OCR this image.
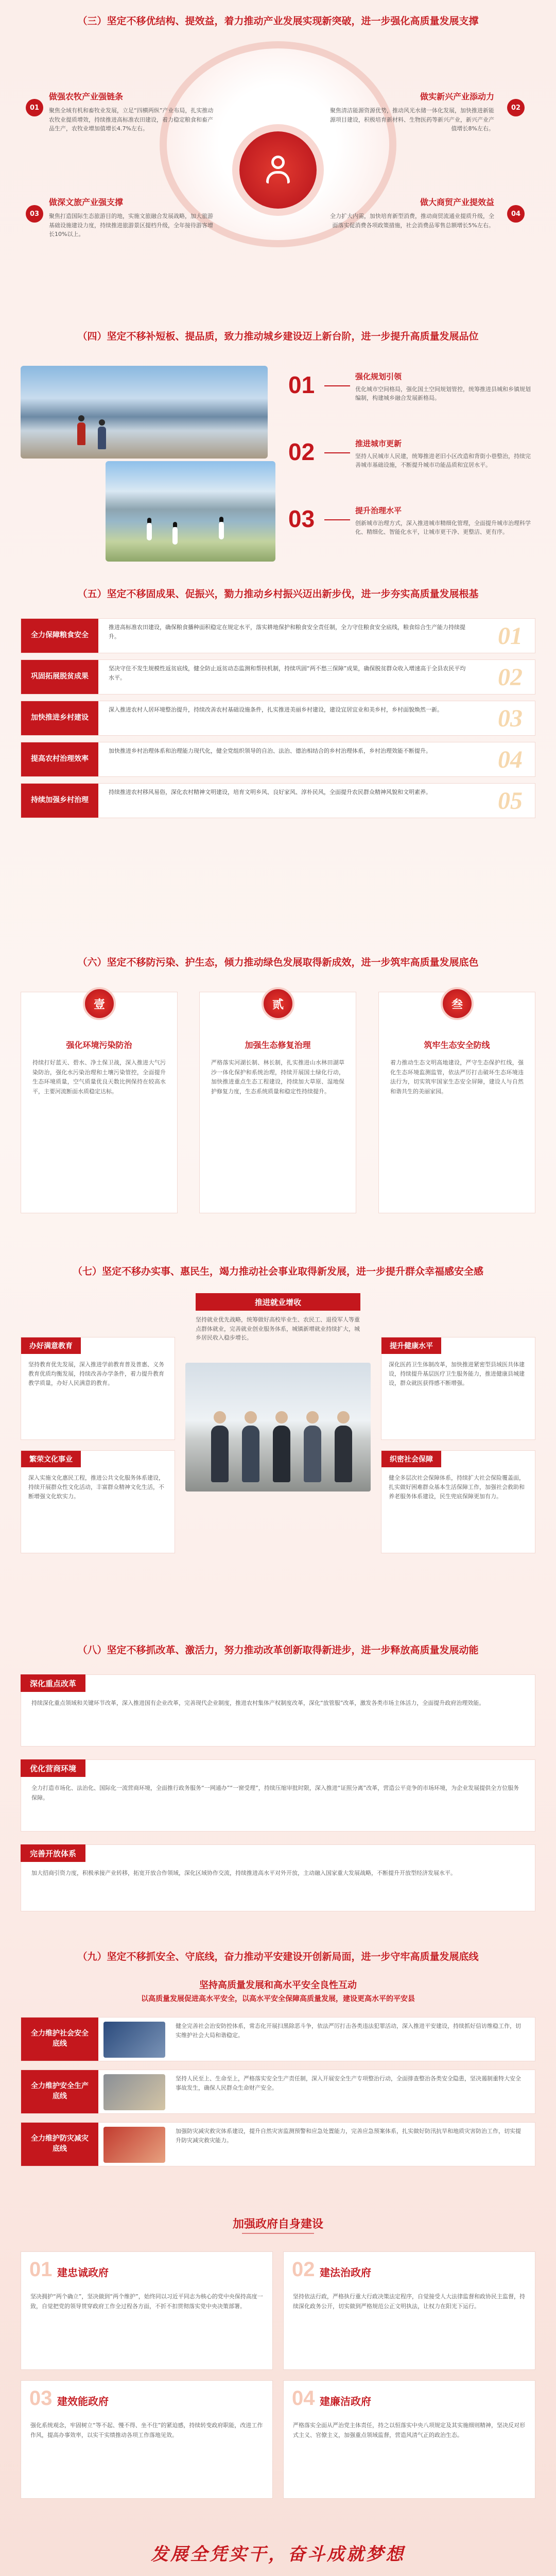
（三）坚定不移优结构、提效益，着力推动产业发展实现新突破，进一步强化高质量发展支撑
01
做强农牧产业强链条

聚焦全域有机和畜牧业发展，立足“四横两纵”产业布局，扎实推动农牧业提质增效，持续推进高标准农田建设，着力稳定粮食和畜产品生产，农牧业增加值增长4.7%左右。

02
做实新兴产业添动力

聚焦清洁能源资源优势，推动风光水储一体化发展，加快推进新能源项目建设，积极培育新材料、生物医药等新兴产业，新兴产业产值增长8%左右。

03
做深文旅产业强支撑

聚焦打造国际生态旅游目的地，实施文旅融合发展战略，加大旅游基础设施建设力度，持续推进旅游景区提档升级，全年接待游客增长10%以上。

04
做大商贸产业提效益

全力扩大内需，加快培育新型消费，推动商贸流通业提质升级，全面落实促消费各项政策措施，社会消费品零售总额增长5%左右。

（四）坚定不移补短板、提品质，致力推动城乡建设迈上新台阶，进一步提升高质量发展品位
01	强化规划引领

优化城市空间格局，强化国土空间规划管控，统筹推进县城和乡镇规划编制，构建城乡融合发展新格局。

02	推进城市更新

坚持人民城市人民建，统筹推进老旧小区改造和背街小巷整治，持续完善城市基础设施，不断提升城市功能品质和宜居水平。

03	提升治理水平

创新城市治理方式，深入推进城市精细化管理，全面提升城市治理科学化、精细化、智能化水平，让城市更干净、更整洁、更有序。

（五）坚定不移固成果、促振兴，勠力推动乡村振兴迈出新步伐，进一步夯实高质量发展根基
全力保障粮食安全
推进高标准农田建设，确保粮食播种面积稳定在规定水平，落实耕地保护和粮食安全责任制，全力守住粮食安全底线，粮食综合生产能力持续提升。	01
巩固拓展脱贫成果
坚决守住不发生规模性返贫底线，健全防止返贫动态监测和帮扶机制，持续巩固“两不愁三保障”成果，确保脱贫群众收入增速高于全县农民平均水平。	02
加快推进乡村建设
深入推进农村人居环境整治提升，持续改善农村基础设施条件，扎实推进美丽乡村建设，建设宜居宜业和美乡村，乡村面貌焕然一新。	03
提高农村治理效率
加快推进乡村治理体系和治理能力现代化，健全党组织领导的自治、法治、德治相结合的乡村治理体系，乡村治理效能不断提升。	04
持续加强乡村治理
持续推进农村移风易俗，深化农村精神文明建设，培育文明乡风、良好家风、淳朴民风，全面提升农民群众精神风貌和文明素养。	05
（六）坚定不移防污染、护生态，倾力推动绿色发展取得新成效，进一步筑牢高质量发展底色
壹
强化环境污染防治

持续打好蓝天、碧水、净土保卫战，深入推进大气污染防治，强化水污染治理和土壤污染管控，全面提升生态环境质量，空气质量优良天数比例保持在较高水平，主要河流断面水质稳定达标。

贰
加强生态修复治理

严格落实河湖长制、林长制，扎实推进山水林田湖草沙一体化保护和系统治理，持续开展国土绿化行动，加快推进重点生态工程建设，持续加大草原、湿地保护修复力度，生态系统质量和稳定性持续提升。

叁
筑牢生态安全防线

着力推动生态文明高地建设，严守生态保护红线，强化生态环境监测监管，依法严厉打击破坏生态环境违法行为，切实筑牢国家生态安全屏障，建设人与自然和谐共生的美丽家园。

（七）坚定不移办实事、惠民生，竭力推动社会事业取得新发展，进一步提升群众幸福感安全感
推进就业增收
坚持就业优先战略，统筹做好高校毕业生、农民工、退役军人等重点群体就业，完善就业创业服务体系，城镇新增就业持续扩大，城乡居民收入稳步增长。
办好满意教育

坚持教育优先发展，深入推进学前教育普及普惠、义务教育优质均衡发展，持续改善办学条件，着力提升教育教学质量，办好人民满意的教育。

繁荣文化事业

深入实施文化惠民工程，推进公共文化服务体系建设，持续开展群众性文化活动，丰富群众精神文化生活，不断增强文化软实力。

提升健康水平

深化医药卫生体制改革，加快推进紧密型县域医共体建设，持续提升基层医疗卫生服务能力，推进健康县城建设，群众就医获得感不断增强。

织密社会保障

健全多层次社会保障体系，持续扩大社会保险覆盖面，扎实做好困难群众基本生活保障工作，加强社会救助和养老服务体系建设，民生兜底保障更加有力。

（八）坚定不移抓改革、激活力，努力推动改革创新取得新进步，进一步释放高质量发展动能
深化重点改革

持续深化重点领域和关键环节改革，深入推进国有企业改革，完善现代企业制度，推进农村集体产权制度改革，深化“放管服”改革，激发各类市场主体活力，全面提升政府治理效能。

优化营商环境

全力打造市场化、法治化、国际化一流营商环境，全面推行政务服务“一网通办”“一窗受理”，持续压缩审批时限，深入推进“证照分离”改革，营造公平竞争的市场环境，为企业发展提供全方位服务保障。

完善开放体系

加大招商引资力度，积极承接产业转移，拓宽开放合作领域，深化区域协作交流，持续推进高水平对外开放，主动融入国家重大发展战略，不断提升开放型经济发展水平。

（九）坚定不移抓安全、守底线，奋力推动平安建设开创新局面，进一步守牢高质量发展底线
坚持高质量发展和高水平安全良性互动
以高质量发展促进高水平安全，以高水平安全保障高质量发展，建设更高水平的平安县
全力维护社会安全底线
健全完善社会治安防控体系，常态化开展扫黑除恶斗争，依法严厉打击各类违法犯罪活动，深入推进平安建设，持续抓好信访维稳工作，切实维护社会大局和谐稳定。
全力维护安全生产底线
坚持人民至上、生命至上，严格落实安全生产责任制，深入开展安全生产专项整治行动，全面排查整治各类安全隐患，坚决遏制重特大安全事故发生，确保人民群众生命财产安全。
全力维护防灾减灾底线
加强防灾减灾救灾体系建设，提升自然灾害监测预警和应急处置能力，完善应急预案体系，扎实做好防汛抗旱和地质灾害防治工作，切实提升防灾减灾救灾能力。
加强政府自身建设
01 建忠诚政府

坚决拥护“两个确立”，坚决做到“两个维护”，始终同以习近平同志为核心的党中央保持高度一致，自觉把党的领导贯穿政府工作全过程各方面，不折不扣贯彻落实党中央决策部署。

02 建法治政府

坚持依法行政，严格执行重大行政决策法定程序，自觉接受人大法律监督和政协民主监督，持续深化政务公开，切实做到严格规范公正文明执法，让权力在阳光下运行。

03 建效能政府

强化系统观念，牢固树立“等不起、慢不得、坐不住”的紧迫感，持续转变政府职能，改进工作作风，提高办事效率，以实干实绩推动各项工作落地见效。

04 建廉洁政府

严格落实全面从严治党主体责任，持之以恒落实中央八项规定及其实施细则精神，坚决反对形式主义、官僚主义，加强重点领域监督，营造风清气正的政治生态。

发展全凭实干，奋斗成就梦想
